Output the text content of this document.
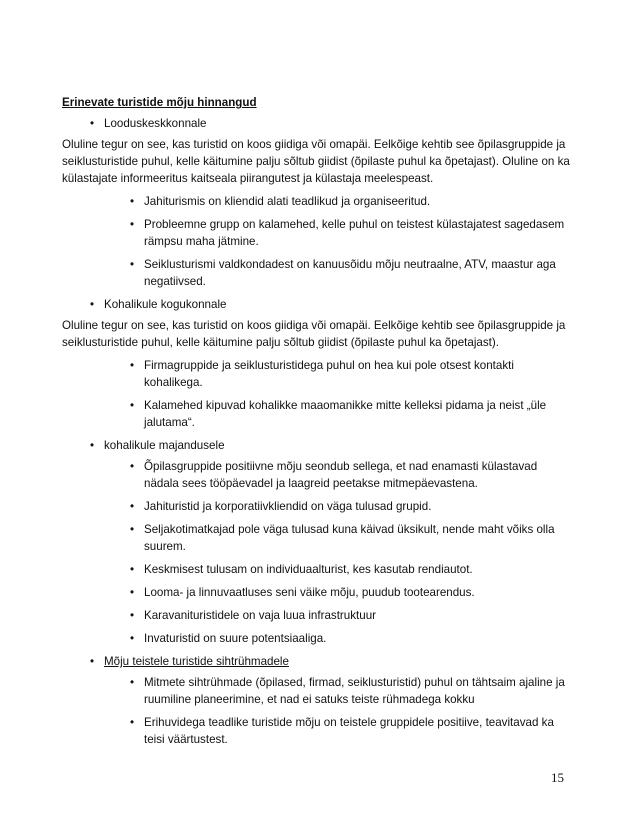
Erinevate turistide mõju hinnangud

• Looduskeskkonnale

Oluline tegur on see, kas turistid on koos giidiga või omapäi. Eelkõige kehtib see õpilasgruppide ja seiklusturistide puhul, kelle käitumine palju sõltub giidist (õpilaste puhul ka õpetajast). Oluline on ka külastajate informeeritus kaitseala piirangutest ja külastaja meelespeast.

• Jahiturismis on kliendid alati teadlikud ja organiseeritud.
• Probleemne grupp on kalamehed, kelle puhul on teistest külastajatest sagedasem rämpsu maha jätmine.
• Seiklusturismi valdkondadest on kanuusõidu mõju neutraalne, ATV, maastur aga negatiivsed.
• Kohalikule kogukonnale

Oluline tegur on see, kas turistid on koos giidiga või omapäi. Eelkõige kehtib see õpilasgruppide ja seiklusturistide puhul, kelle käitumine palju sõltub giidist (õpilaste puhul ka õpetajast).

• Firmagruppide ja seiklusturistidega puhul on hea kui pole otsest kontakti kohalikega.
• Kalamehed kipuvad kohalikke maaomanikke mitte kelleksi pidama ja neist „üle jalutama“.
• kohalikule majandusele
• Õpilasgruppide positiivne mõju seondub sellega, et nad enamasti külastavad nädala sees tööpäevadel ja laagreid peetakse mitmepäevastena.
• Jahituristid ja korporatiivkliendid on väga tulusad grupid.
• Seljakotimatkajad pole väga tulusad kuna käivad üksikult, nende maht võiks olla suurem.
• Keskmisest tulusam on individuaalturist, kes kasutab rendiautot.
• Looma- ja linnuvaatluses seni väike mõju, puudub tootearendus.
• Karavanituristidele on vaja luua infrastruktuur
• Invaturistid on suure potentsiaaliga.
• Mõju teistele turistide sihtrühmadele
• Mitmete sihtrühmade (õpilased, firmad, seiklusturistid) puhul on tähtsaim ajaline ja ruumiline planeerimine, et nad ei satuks teiste rühmadega kokku
• Erihuvidega teadlike turistide mõju on teistele gruppidele positiive, teavitavad ka teisi väärtustest.
15
